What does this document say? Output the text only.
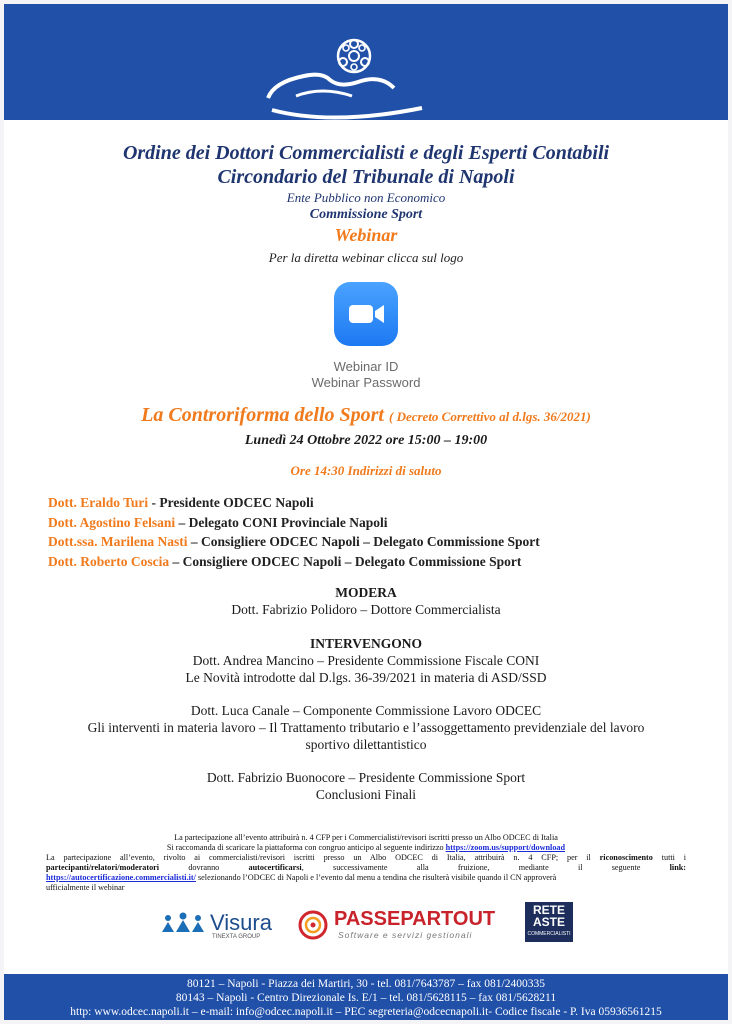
Ordine dei Dottori Commercialisti e degli Esperti Contabili
Circondario del Tribunale di Napoli
Ente Pubblico non Economico
Commissione Sport
Webinar
Per la diretta webinar clicca sul logo
Webinar ID
Webinar Password
La Controriforma dello Sport ( Decreto Correttivo al d.lgs. 36/2021)
Lunedì 24 Ottobre 2022 ore 15:00 – 19:00
Ore 14:30 Indirizzi di saluto
Dott. Eraldo Turi - Presidente ODCEC Napoli
Dott. Agostino Felsani – Delegato CONI Provinciale Napoli
Dott.ssa. Marilena Nasti – Consigliere ODCEC Napoli – Delegato Commissione Sport
Dott. Roberto Coscia – Consigliere ODCEC Napoli – Delegato Commissione Sport
MODERA
Dott. Fabrizio Polidoro – Dottore Commercialista
INTERVENGONO
Dott. Andrea Mancino – Presidente Commissione Fiscale CONI
Le Novità introdotte dal D.lgs. 36-39/2021 in materia di ASD/SSD
Dott. Luca Canale – Componente Commissione Lavoro ODCEC
Gli interventi in materia lavoro – Il Trattamento tributario e l’assoggettamento previdenziale del lavoro
sportivo dilettantistico
Dott. Fabrizio Buonocore – Presidente Commissione Sport
Conclusioni Finali
La partecipazione all’evento attribuirà n. 4 CFP per i Commercialisti/revisori iscritti presso un Albo ODCEC di Italia
Si raccomanda di scaricare la piattaforma con congruo anticipo al seguente indirizzo https://zoom.us/support/download
La partecipazione all’evento, rivolto ai commercialisti/revisori iscritti presso un Albo ODCEC di Italia, attribuirà n. 4 CFP; per il riconoscimento tutti i
partecipanti/relatori/moderatori	dovranno	autocertificarsi, successivamente alla fruizione, mediante il seguente	link:
https://autocertificazione.commercialisti.it/ selezionando l’ODCEC di Napoli e l’evento dal menu a tendina che risulterà visibile quando il CN approverà
ufficialmente il webinar
Visura
TINEXTA GROUP
PASSEPARTOUT
Software e servizi gestionali
RETE
ASTE
COMMERCIALISTI
80121 – Napoli - Piazza dei Martiri, 30 - tel. 081/7643787 – fax 081/2400335
80143 – Napoli - Centro Direzionale Is. E/1 – tel. 081/5628115 – fax 081/5628211
http: www.odcec.napoli.it – e-mail: info@odcec.napoli.it – PEC segreteria@odcecnapoli.it- Codice fiscale - P. Iva 05936561215
